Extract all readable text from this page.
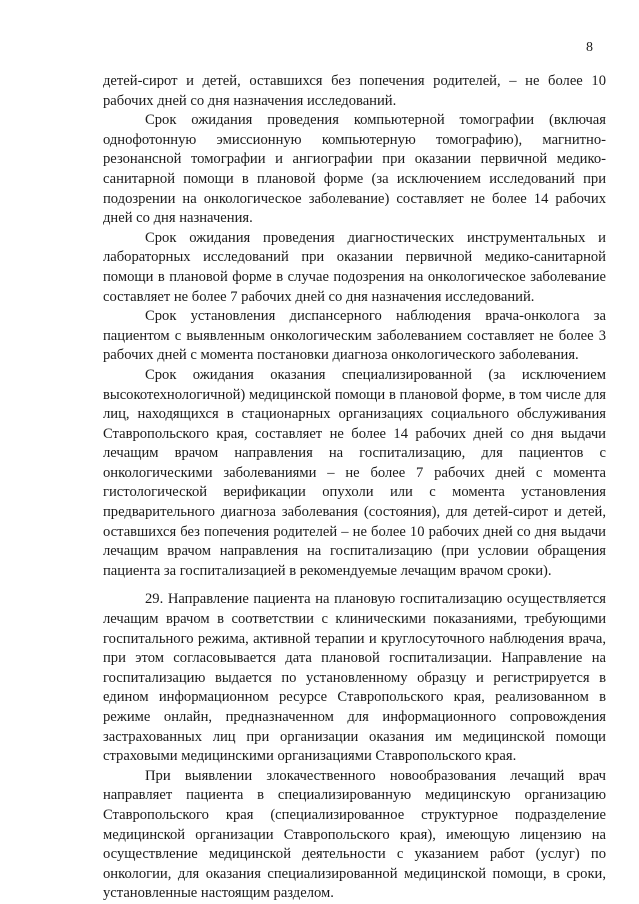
8

детей-сирот и детей, оставшихся без попечения родителей, – не более 10 рабочих дней со дня назначения исследований.

Срок ожидания проведения компьютерной томографии (включая однофотонную эмиссионную компьютерную томографию), магнитно-резонансной томографии и ангиографии при оказании первичной медико-санитарной помощи в плановой форме (за исключением исследований при подозрении на онкологическое заболевание) составляет не более 14 рабочих дней со дня назначения.

Срок ожидания проведения диагностических инструментальных и лабораторных исследований при оказании первичной медико-санитарной помощи в плановой форме в случае подозрения на онкологическое заболевание составляет не более 7 рабочих дней со дня назначения исследований.

Срок установления диспансерного наблюдения врача-онколога за пациентом с выявленным онкологическим заболеванием составляет не более 3 рабочих дней с момента постановки диагноза онкологического заболевания.

Срок ожидания оказания специализированной (за исключением высокотехнологичной) медицинской помощи в плановой форме, в том числе для лиц, находящихся в стационарных организациях социального обслуживания Ставропольского края, составляет не более 14 рабочих дней со дня выдачи лечащим врачом направления на госпитализацию, для пациентов с онкологическими заболеваниями – не более 7 рабочих дней с момента гистологической верификации опухоли или с момента установления предварительного диагноза заболевания (состояния), для детей-сирот и детей, оставшихся без попечения родителей – не более 10 рабочих дней со дня выдачи лечащим врачом направления на госпитализацию (при условии обращения пациента за госпитализацией в рекомендуемые лечащим врачом сроки).

29. Направление пациента на плановую госпитализацию осуществляется лечащим врачом в соответствии с клиническими показаниями, требующими госпитального режима, активной терапии и круглосуточного наблюдения врача, при этом согласовывается дата плановой госпитализации. Направление на госпитализацию выдается по установленному образцу и регистрируется в едином информационном ресурсе Ставропольского края, реализованном в режиме онлайн, предназначенном для информационного сопровождения застрахованных лиц при организации оказания им медицинской помощи страховыми медицинскими организациями Ставропольского края.

При выявлении злокачественного новообразования лечащий врач направляет пациента в специализированную медицинскую организацию Ставропольского края (специализированное структурное подразделение медицинской организации Ставропольского края), имеющую лицензию на осуществление медицинской деятельности с указанием работ (услуг) по онкологии, для оказания специализированной медицинской помощи, в сроки, установленные настоящим разделом.
